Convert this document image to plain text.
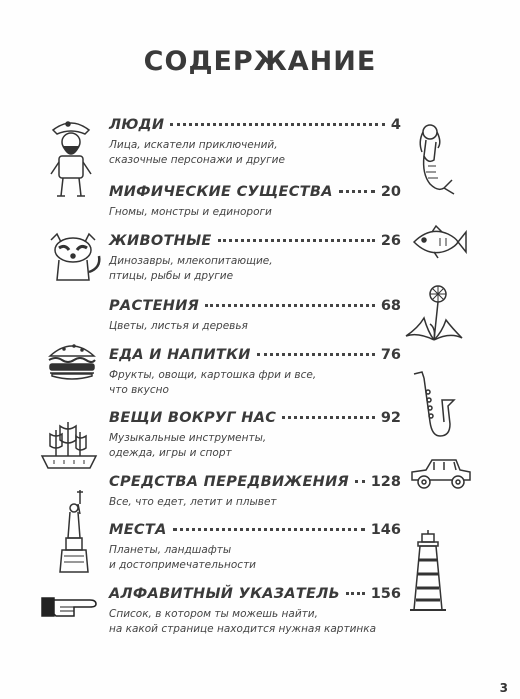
СОДЕРЖАНИЕ
ЛЮДИ	4
Лица, искатели приключений,
сказочные персонажи и другие
МИФИЧЕСКИЕ СУЩЕСТВА	20
Гномы, монстры и единороги
ЖИВОТНЫЕ	26
Динозавры, млекопитающие,
птицы, рыбы и другие
РАСТЕНИЯ	68
Цветы, листья и деревья
ЕДА И НАПИТКИ	76
Фрукты, овощи, картошка фри и все,
что вкусно
ВЕЩИ ВОКРУГ НАС	92
Музыкальные инструменты,
одежда, игры и спорт
СРЕДСТВА ПЕРЕДВИЖЕНИЯ 128
Все, что едет, летит и плывет
МЕСТА	146
Планеты, ландшафты
и достопримечательности
АЛФАВИТНЫЙ УКАЗАТЕЛЬ 156
Список, в котором ты можешь найти,
на какой странице находится нужная картинка
3
